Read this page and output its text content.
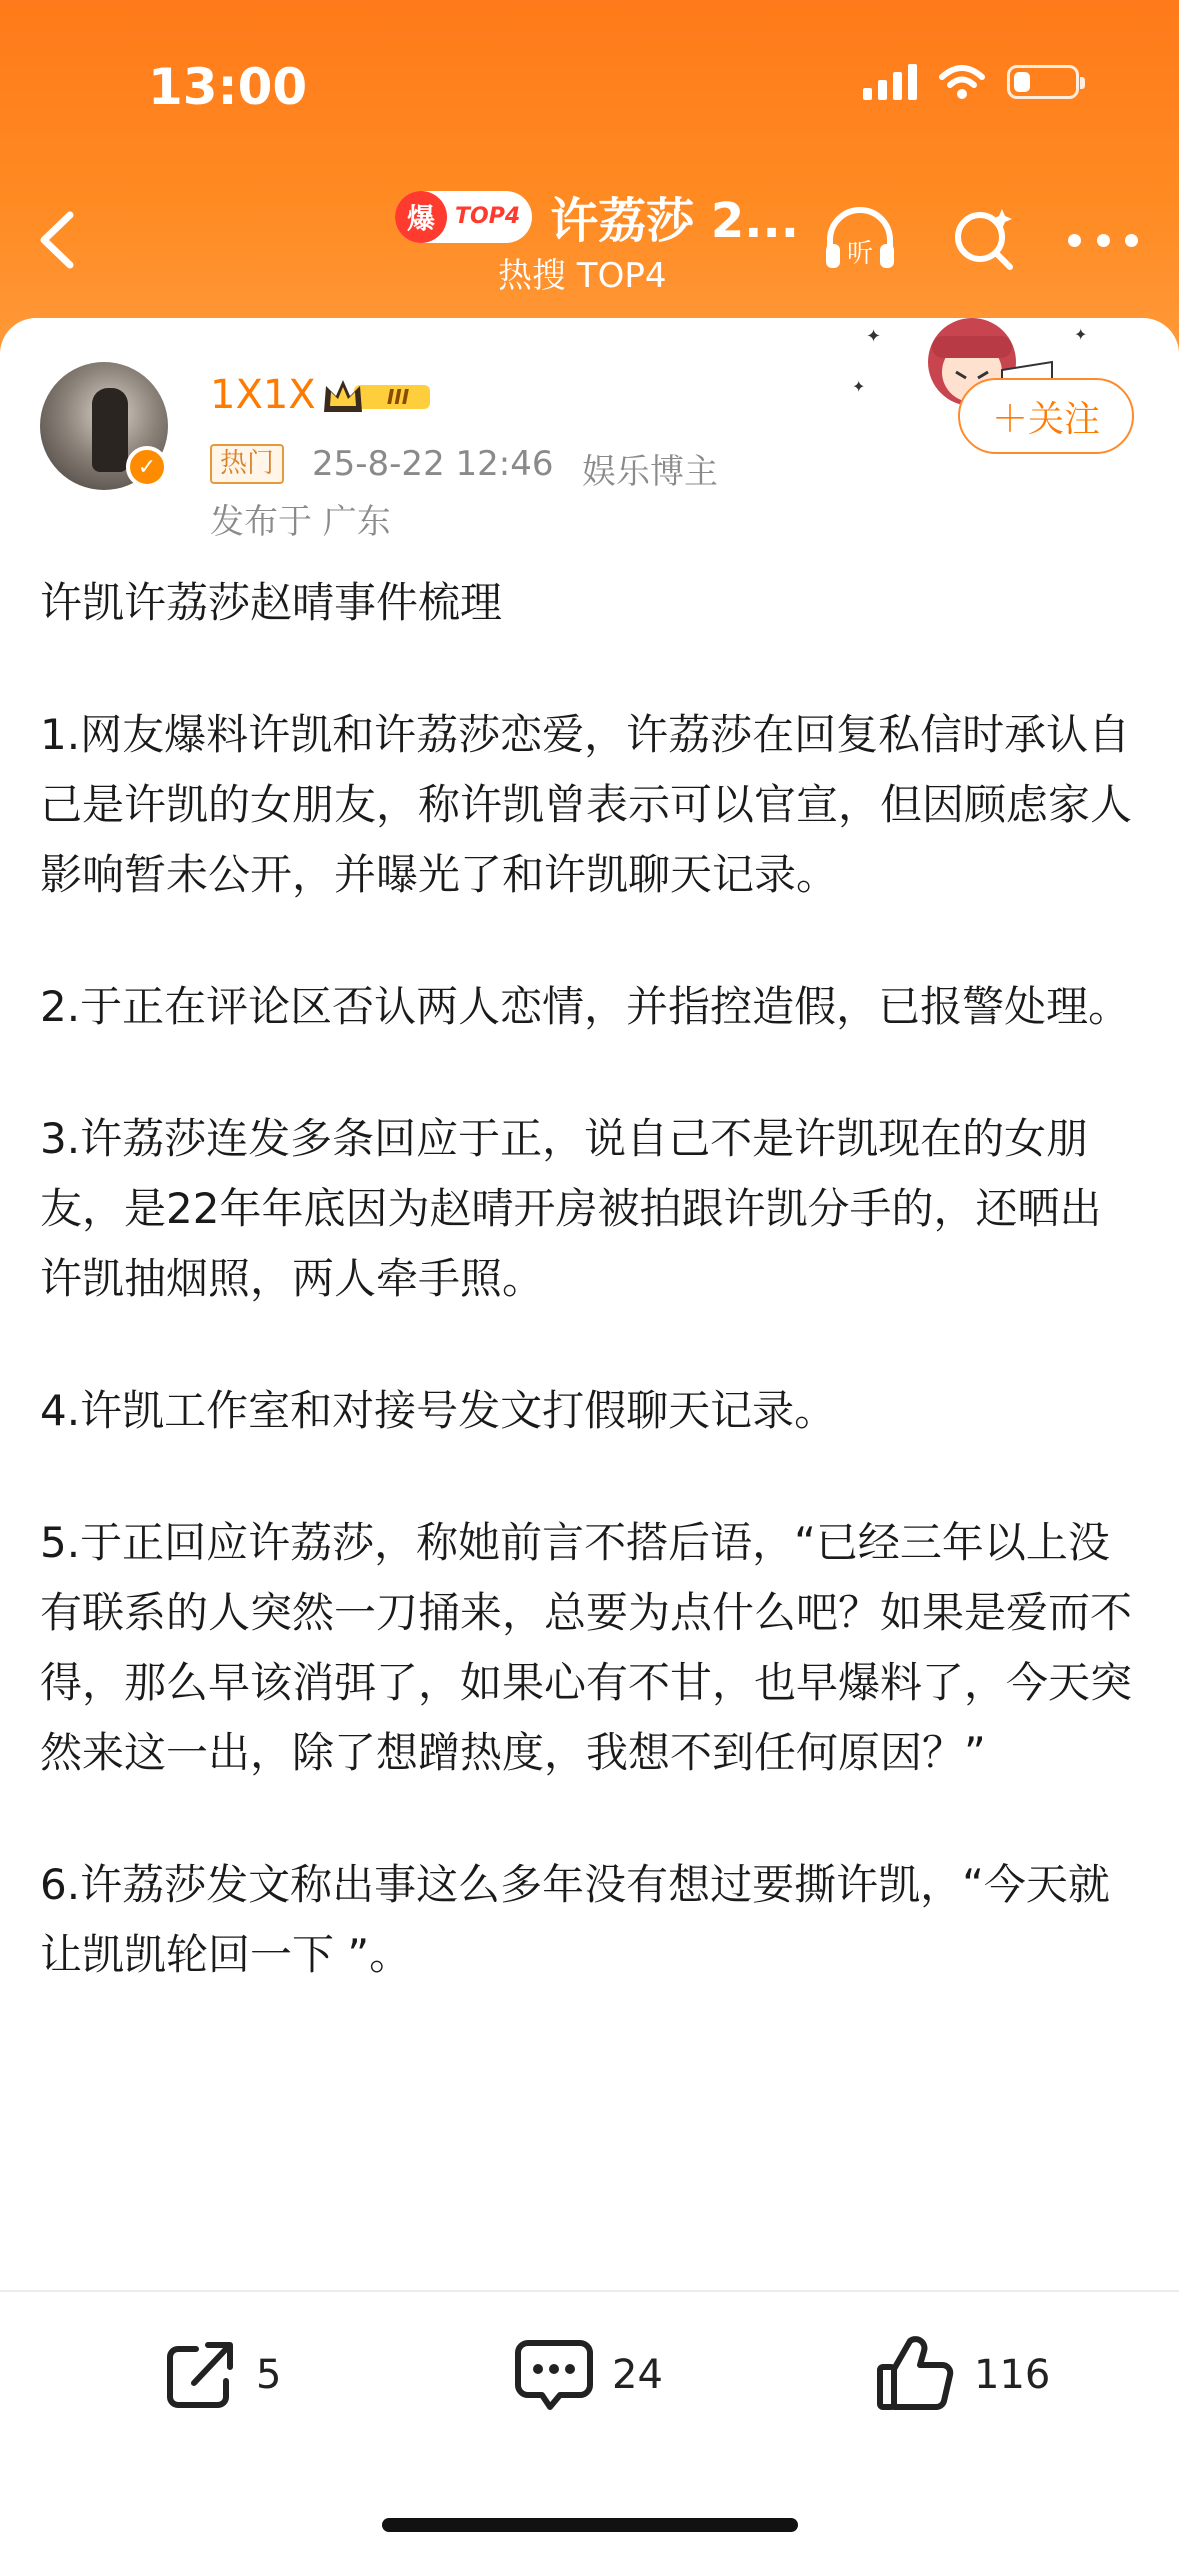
13:00
爆 TOP4 许荔莎 2...
热搜 TOP4
听
✓
1X1X	III
热门 25-8-22 12:46 娱乐博主
发布于 广东
✦
✦
✦
＋关注

许凯许荔莎赵晴事件梳理

1.网友爆料许凯和许荔莎恋爱，许荔莎在回复私信时承认自己是许凯的女朋友，称许凯曾表示可以官宣，但因顾虑家人影响暂未公开，并曝光了和许凯聊天记录。

2.于正在评论区否认两人恋情，并指控造假，已报警处理。

3.许荔莎连发多条回应于正，说自己不是许凯现在的女朋友，是22年年底因为赵晴开房被拍跟许凯分手的，还晒出许凯抽烟照，两人牵手照。

4.许凯工作室和对接号发文打假聊天记录。

5.于正回应许荔莎，称她前言不搭后语，“已经三年以上没有联系的人突然一刀捅来，总要为点什么吧？如果是爱而不得，那么早该消弭了，如果心有不甘，也早爆料了，今天突然来这一出，除了想蹭热度，我想不到任何原因？”

6.许荔莎发文称出事这么多年没有想过要撕许凯，“今天就让凯凯轮回一下 ”。

5	24	116
